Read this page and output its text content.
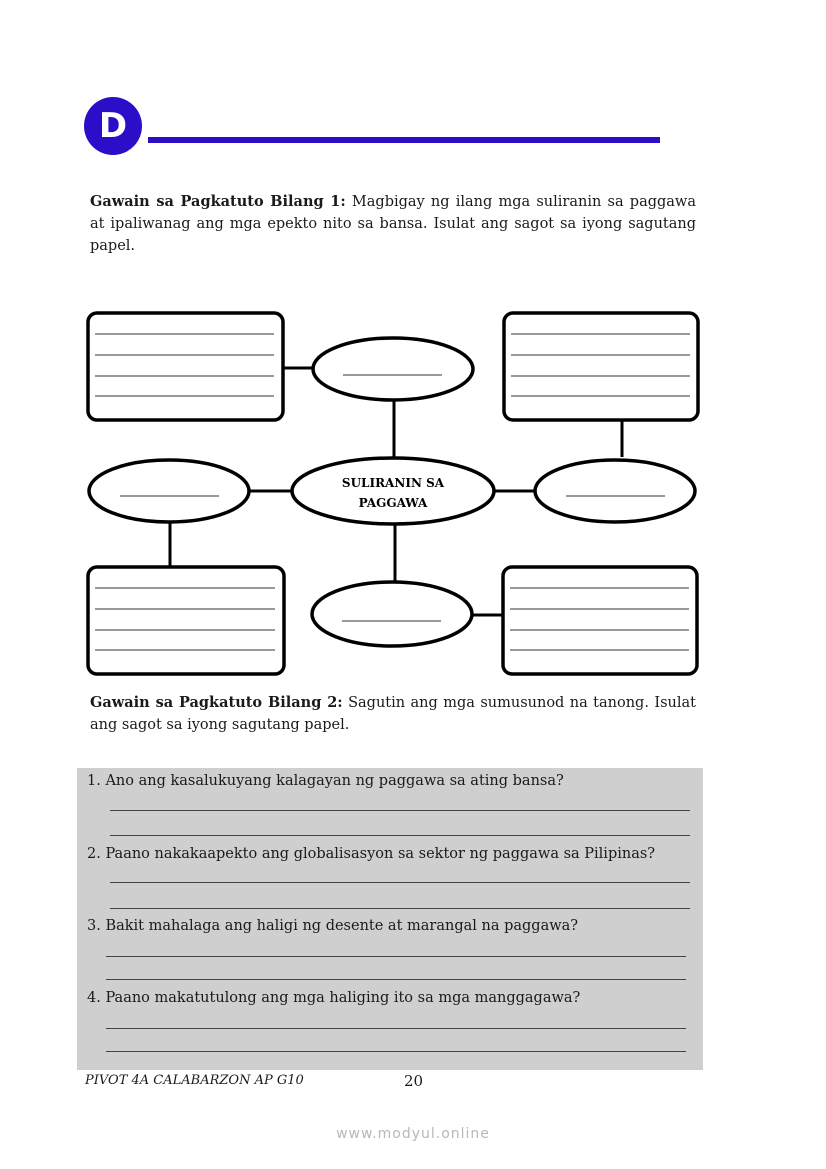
D
Gawain sa Pagkatuto Bilang 1: Magbigay ng ilang mga suliranin sa paggawa at ipaliwanag ang mga epekto nito sa bansa. Isulat ang sagot sa iyong sagutang papel.
SULIRANIN SA
PAGGAWA
Gawain sa Pagkatuto Bilang 2: Sagutin ang mga sumusunod na tanong. Isulat ang sagot sa iyong sagutang papel.
1. Ano ang kasalukuyang kalagayan ng paggawa sa ating bansa?
2. Paano nakakaapekto ang globalisasyon sa sektor ng paggawa sa Pilipinas?
3. Bakit mahalaga ang haligi ng desente at marangal na paggawa?
4. Paano makatutulong ang mga haliging ito sa mga manggagawa?
PIVOT 4A CALABARZON AP G10	20
www.modyul.online
